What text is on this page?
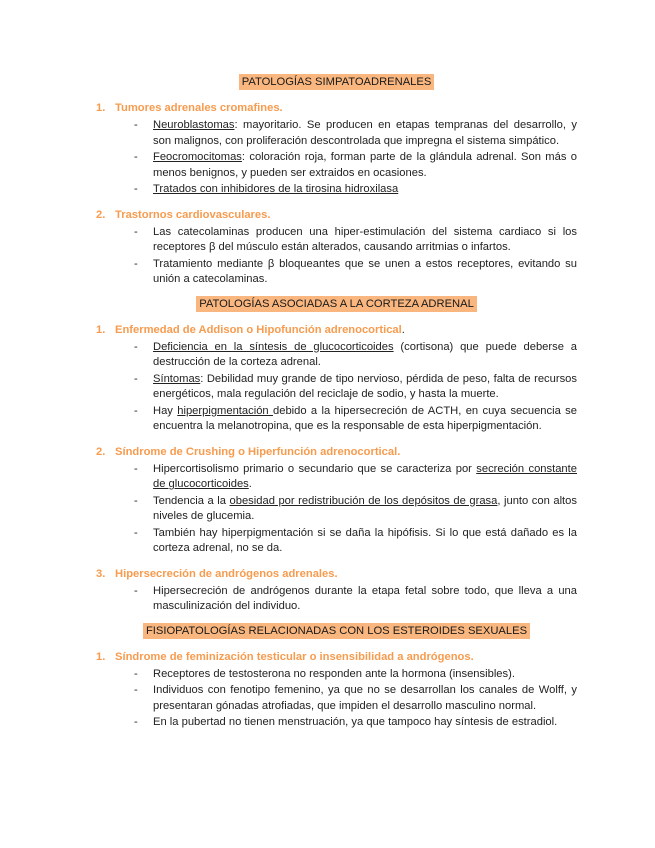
PATOLOGÍAS SIMPATOADRENALES
1. Tumores adrenales cromafines.
- Neuroblastomas: mayoritario. Se producen en etapas tempranas del desarrollo, y son malignos, con proliferación descontrolada que impregna el sistema simpático.
- Feocromocitomas: coloración roja, forman parte de la glándula adrenal. Son más o menos benignos, y pueden ser extraidos en ocasiones.
- Tratados con inhibidores de la tirosina hidroxilasa
2. Trastornos cardiovasculares.
- Las catecolaminas producen una hiper-estimulación del sistema cardiaco si los receptores β del músculo están alterados, causando arritmias o infartos.
- Tratamiento mediante β bloqueantes que se unen a estos receptores, evitando su unión a catecolaminas.
PATOLOGÍAS ASOCIADAS A LA CORTEZA ADRENAL
1. Enfermedad de Addison o Hipofunción adrenocortical.
- Deficiencia en la síntesis de glucocorticoides (cortisona) que puede deberse a destrucción de la corteza adrenal.
- Síntomas: Debilidad muy grande de tipo nervioso, pérdida de peso, falta de recursos energéticos, mala regulación del reciclaje de sodio, y hasta la muerte.
- Hay hiperpigmentación debido a la hipersecreción de ACTH, en cuya secuencia se encuentra la melanotropina, que es la responsable de esta hiperpigmentación.
2. Síndrome de Crushing o Hiperfunción adrenocortical.
- Hipercortisolismo primario o secundario que se caracteriza por secreción constante de glucocorticoides.
- Tendencia a la obesidad por redistribución de los depósitos de grasa, junto con altos niveles de glucemia.
- También hay hiperpigmentación si se daña la hipófisis. Si lo que está dañado es la corteza adrenal, no se da.
3. Hipersecreción de andrógenos adrenales.
- Hipersecreción de andrógenos durante la etapa fetal sobre todo, que lleva a una masculinización del individuo.
FISIOPATOLOGÍAS RELACIONADAS CON LOS ESTEROIDES SEXUALES
1. Síndrome de feminización testicular o insensibilidad a andrógenos.
- Receptores de testosterona no responden ante la hormona (insensibles).
- Individuos con fenotipo femenino, ya que no se desarrollan los canales de Wolff, y presentaran gónadas atrofiadas, que impiden el desarrollo masculino normal.
- En la pubertad no tienen menstruación, ya que tampoco hay síntesis de estradiol.
